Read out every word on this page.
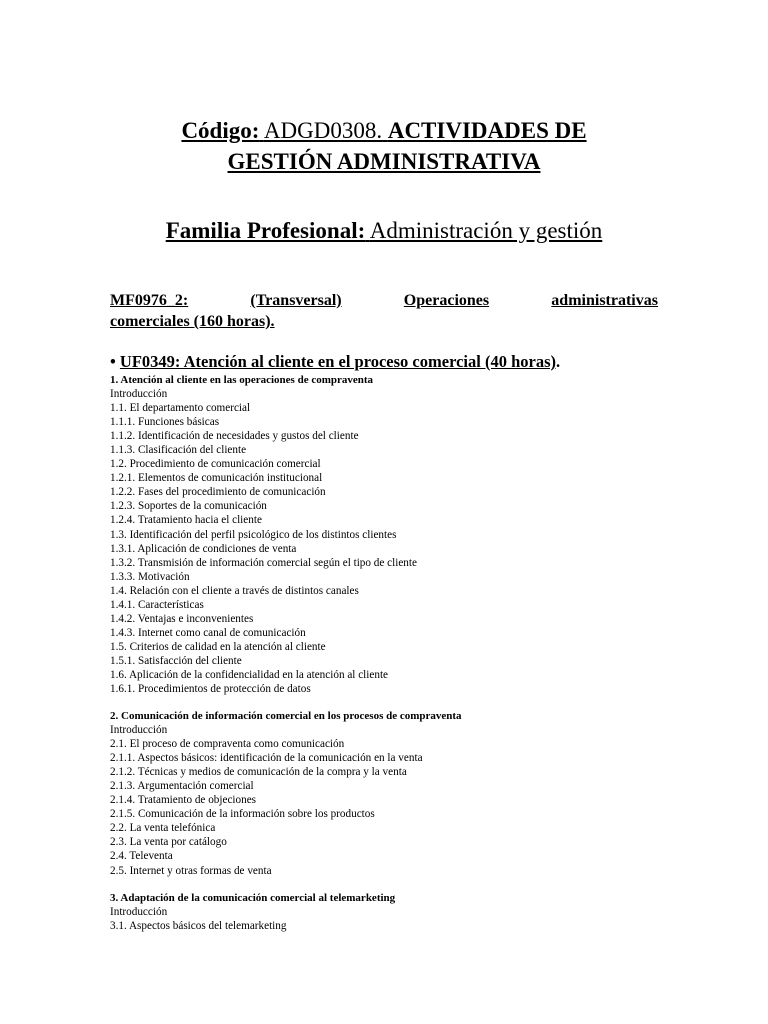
Código: ADGD0308. ACTIVIDADES DE
GESTIÓN ADMINISTRATIVA
Familia Profesional: Administración y gestión
MF0976_2:	(Transversal)	Operaciones	administrativas
comerciales (160 horas).
• UF0349: Atención al cliente en el proceso comercial (40 horas).
1. Atención al cliente en las operaciones de compraventa
Introducción
1.1. El departamento comercial
1.1.1. Funciones básicas
1.1.2. Identificación de necesidades y gustos del cliente
1.1.3. Clasificación del cliente
1.2. Procedimiento de comunicación comercial
1.2.1. Elementos de comunicación institucional
1.2.2. Fases del procedimiento de comunicación
1.2.3. Soportes de la comunicación
1.2.4. Tratamiento hacia el cliente
1.3. Identificación del perfil psicológico de los distintos clientes
1.3.1. Aplicación de condiciones de venta
1.3.2. Transmisión de información comercial según el tipo de cliente
1.3.3. Motivación
1.4. Relación con el cliente a través de distintos canales
1.4.1. Características
1.4.2. Ventajas e inconvenientes
1.4.3. Internet como canal de comunicación
1.5. Criterios de calidad en la atención al cliente
1.5.1. Satisfacción del cliente
1.6. Aplicación de la confidencialidad en la atención al cliente
1.6.1. Procedimientos de protección de datos
2. Comunicación de información comercial en los procesos de compraventa
Introducción
2.1. El proceso de compraventa como comunicación
2.1.1. Aspectos básicos: identificación de la comunicación en la venta
2.1.2. Técnicas y medios de comunicación de la compra y la venta
2.1.3. Argumentación comercial
2.1.4. Tratamiento de objeciones
2.1.5. Comunicación de la información sobre los productos
2.2. La venta telefónica
2.3. La venta por catálogo
2.4. Televenta
2.5. Internet y otras formas de venta
3. Adaptación de la comunicación comercial al telemarketing
Introducción
3.1. Aspectos básicos del telemarketing
